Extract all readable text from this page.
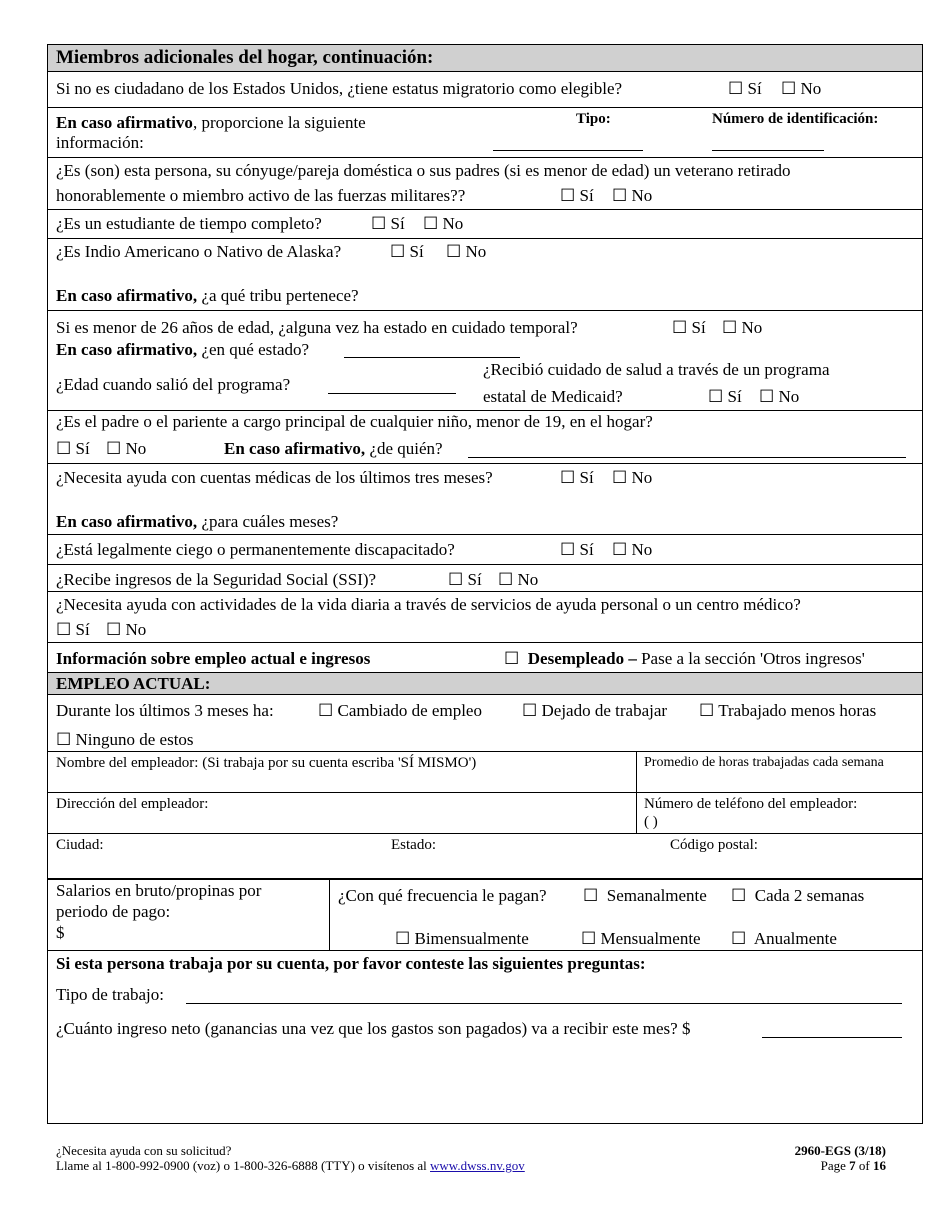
Miembros adicionales del hogar, continuación:
Si no es ciudadano de los Estados Unidos, ¿tiene estatus migratorio como elegible?	☐ Sí ☐ No
En caso afirmativo, proporcione la siguiente
información:
Tipo:	Número de identificación:
¿Es (son) esta persona, su cónyuge/pareja doméstica o sus padres (si es menor de edad) un veterano retirado
honorablemente o miembro activo de las fuerzas militares??	☐ Sí ☐ No
¿Es un estudiante de tiempo completo?	☐ Sí ☐ No
¿Es Indio Americano o Nativo de Alaska?	☐ Sí ☐ No
En caso afirmativo, ¿a qué tribu pertenece?
Si es menor de 26 años de edad, ¿alguna vez ha estado en cuidado temporal?	☐ Sí ☐ No
En caso afirmativo, ¿en qué estado?
¿Edad cuando salió del programa?
¿Recibió cuidado de salud a través de un programa
estatal de Medicaid?	☐ Sí ☐ No
¿Es el padre o el pariente a cargo principal de cualquier niño, menor de 19, en el hogar?
☐ Sí ☐ No	En caso afirmativo, ¿de quién?
¿Necesita ayuda con cuentas médicas de los últimos tres meses?	☐ Sí ☐ No
En caso afirmativo, ¿para cuáles meses?
¿Está legalmente ciego o permanentemente discapacitado?	☐ Sí ☐ No
¿Recibe ingresos de la Seguridad Social (SSI)?	☐ Sí ☐ No
¿Necesita ayuda con actividades de la vida diaria a través de servicios de ayuda personal o un centro médico?
☐ Sí ☐ No
Información sobre empleo actual e ingresos	☐ Desempleado – Pase a la sección 'Otros ingresos'
EMPLEO ACTUAL:
Durante los últimos 3 meses ha:	☐ Cambiado de empleo ☐ Dejado de trabajar ☐ Trabajado menos horas
☐ Ninguno de estos
Nombre del empleador: (Si trabaja por su cuenta escriba 'SÍ MISMO')	Promedio de horas trabajadas cada semana
Dirección del empleador:	Número de teléfono del empleador:
( )
Ciudad:	Estado:	Código postal:
Salarios en bruto/propinas por
periodo de pago:
$
¿Con qué frecuencia le pagan? ☐ Semanalmente ☐ Cada 2 semanas
☐ Bimensualmente	☐ Mensualmente ☐ Anualmente
Si esta persona trabaja por su cuenta, por favor conteste las siguientes preguntas:
Tipo de trabajo:
¿Cuánto ingreso neto (ganancias una vez que los gastos son pagados) va a recibir este mes? $
¿Necesita ayuda con su solicitud?
Llame al 1-800-992-0900 (voz) o 1-800-326-6888 (TTY) o visítenos al www.dwss.nv.gov
2960-EGS (3/18)
Page 7 of 16
